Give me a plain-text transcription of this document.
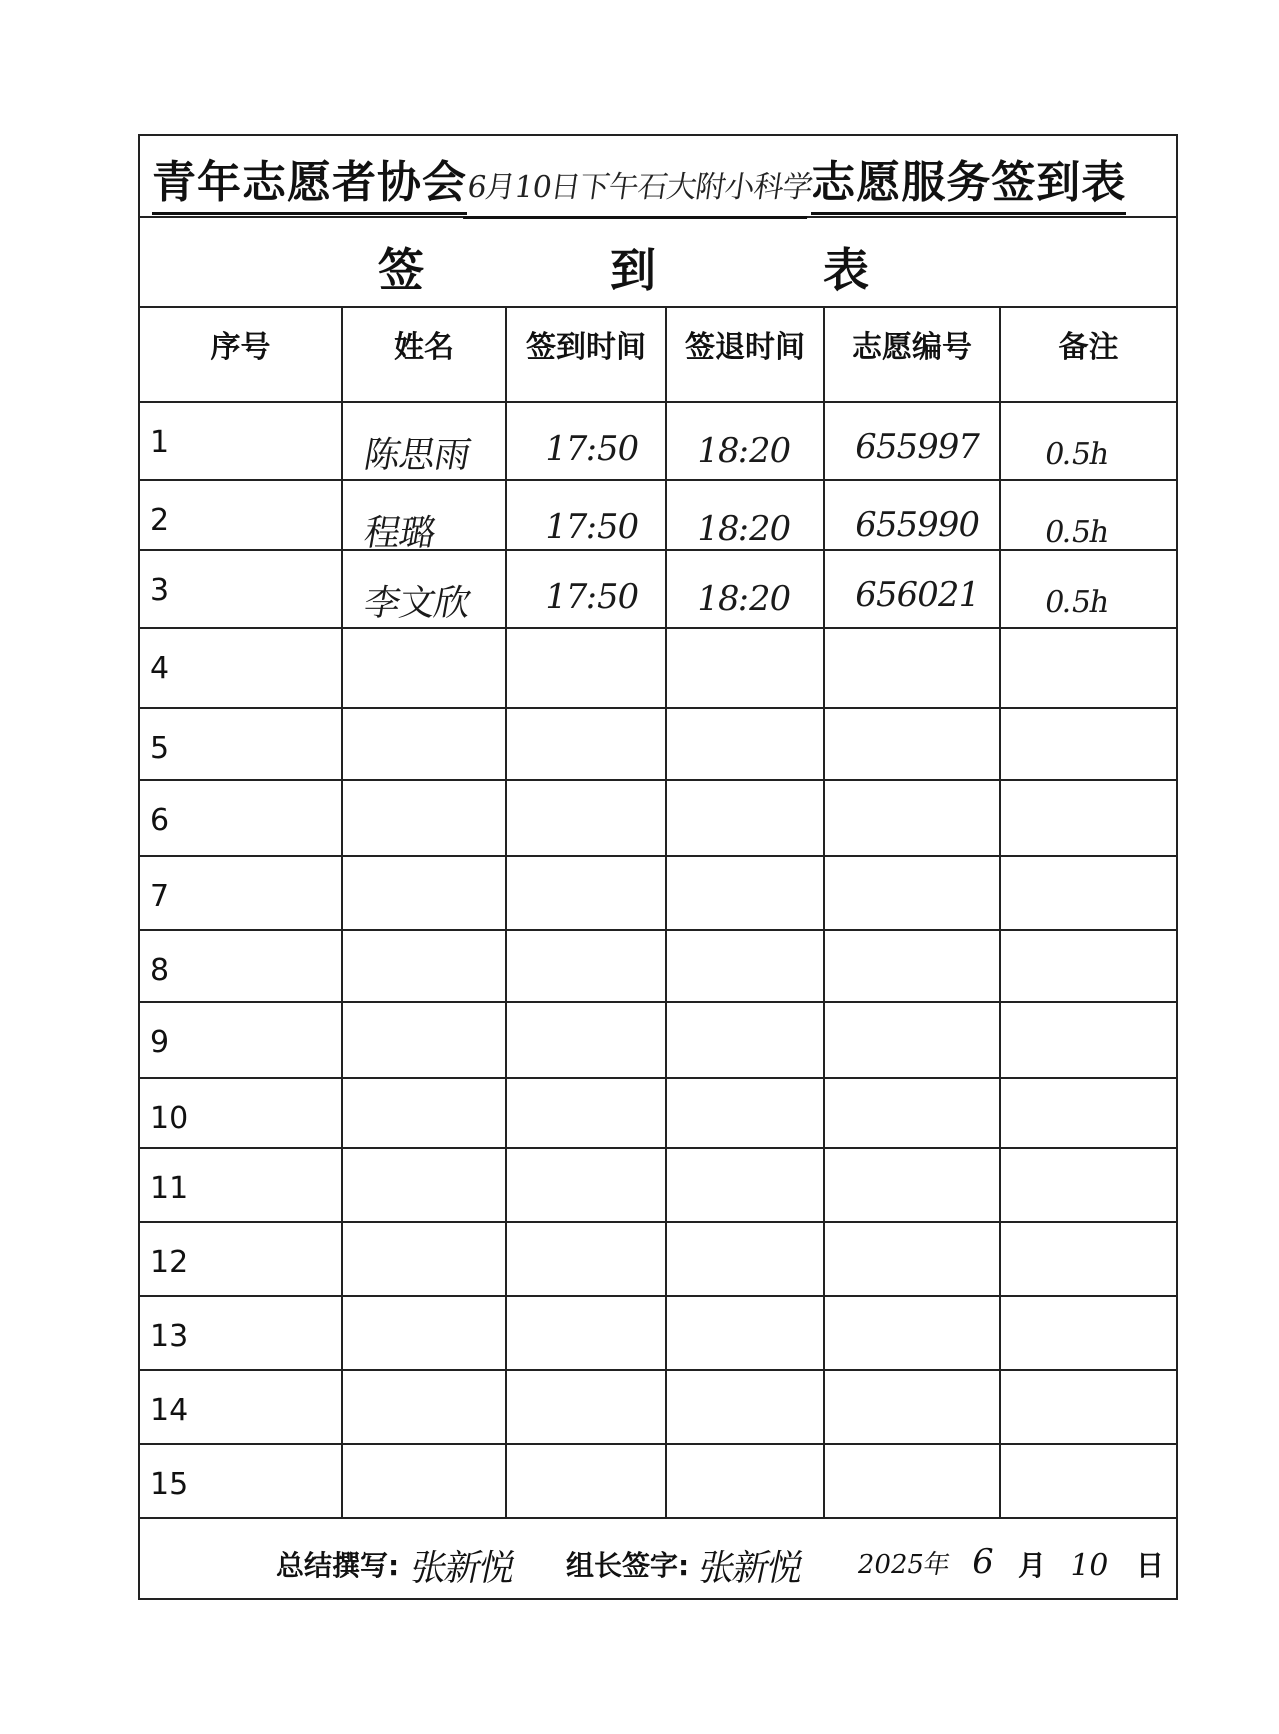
青年志愿者协会
6月10日下午石大附小科学
志愿服务签到表
签	到	表
序号	姓名	签到时间	签退时间	志愿编号	备注

1	陈思雨	17:50	18:20	655997	0.5h

2	程璐	17:50	18:20	655990	0.5h

3	李文欣	17:50	18:20	656021	0.5h

4					

5					

6					

7					

8					

9					

10					

11					

12					

13					

14					

15					

总结撰写: 张新悦 组长签字: 张新悦 2025年 6 月 10 日
